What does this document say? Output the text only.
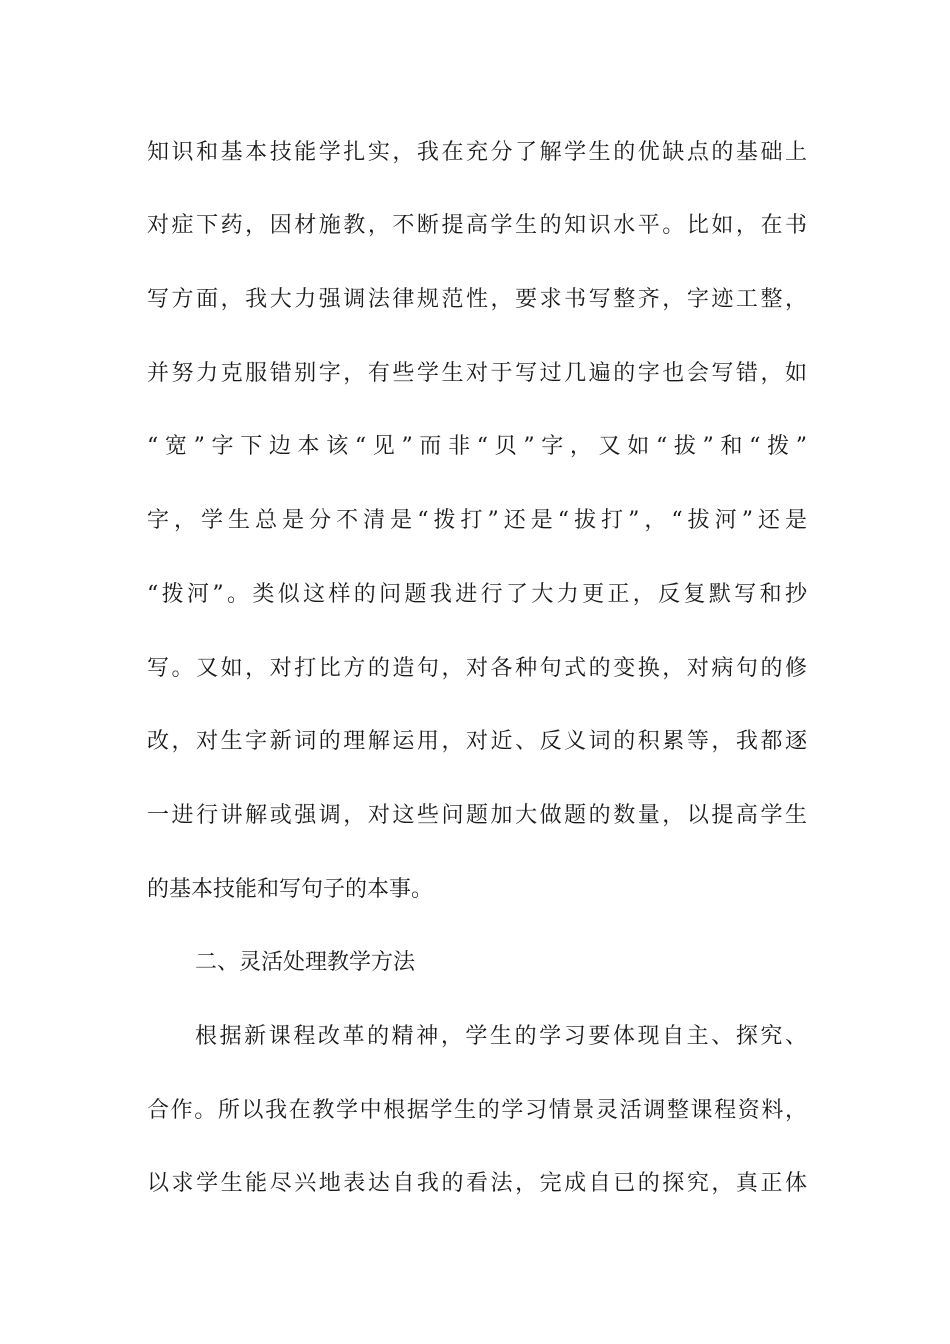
知识和基本技能学扎实，我在充分了解学生的优缺点的基础上
对症下药，因材施教，不断提高学生的知识水平。比如，在书
写方面，我大力强调法律规范性，要求书写整齐，字迹工整，
并努力克服错别字，有些学生对于写过几遍的字也会写错，如
“宽”字下边本该“见”而非“贝”字，又如“拔”和“拨”
字，学生总是分不清是“拨打”还是“拔打”，“拔河”还是
“拨河”。类似这样的问题我进行了大力更正，反复默写和抄
写。又如，对打比方的造句，对各种句式的变换，对病句的修
改，对生字新词的理解运用，对近、反义词的积累等，我都逐
一进行讲解或强调，对这些问题加大做题的数量，以提高学生
的基本技能和写句子的本事。
二、灵活处理教学方法
根据新课程改革的精神，学生的学习要体现自主、探究、
合作。所以我在教学中根据学生的学习情景灵活调整课程资料，
以求学生能尽兴地表达自我的看法，完成自已的探究，真正体
